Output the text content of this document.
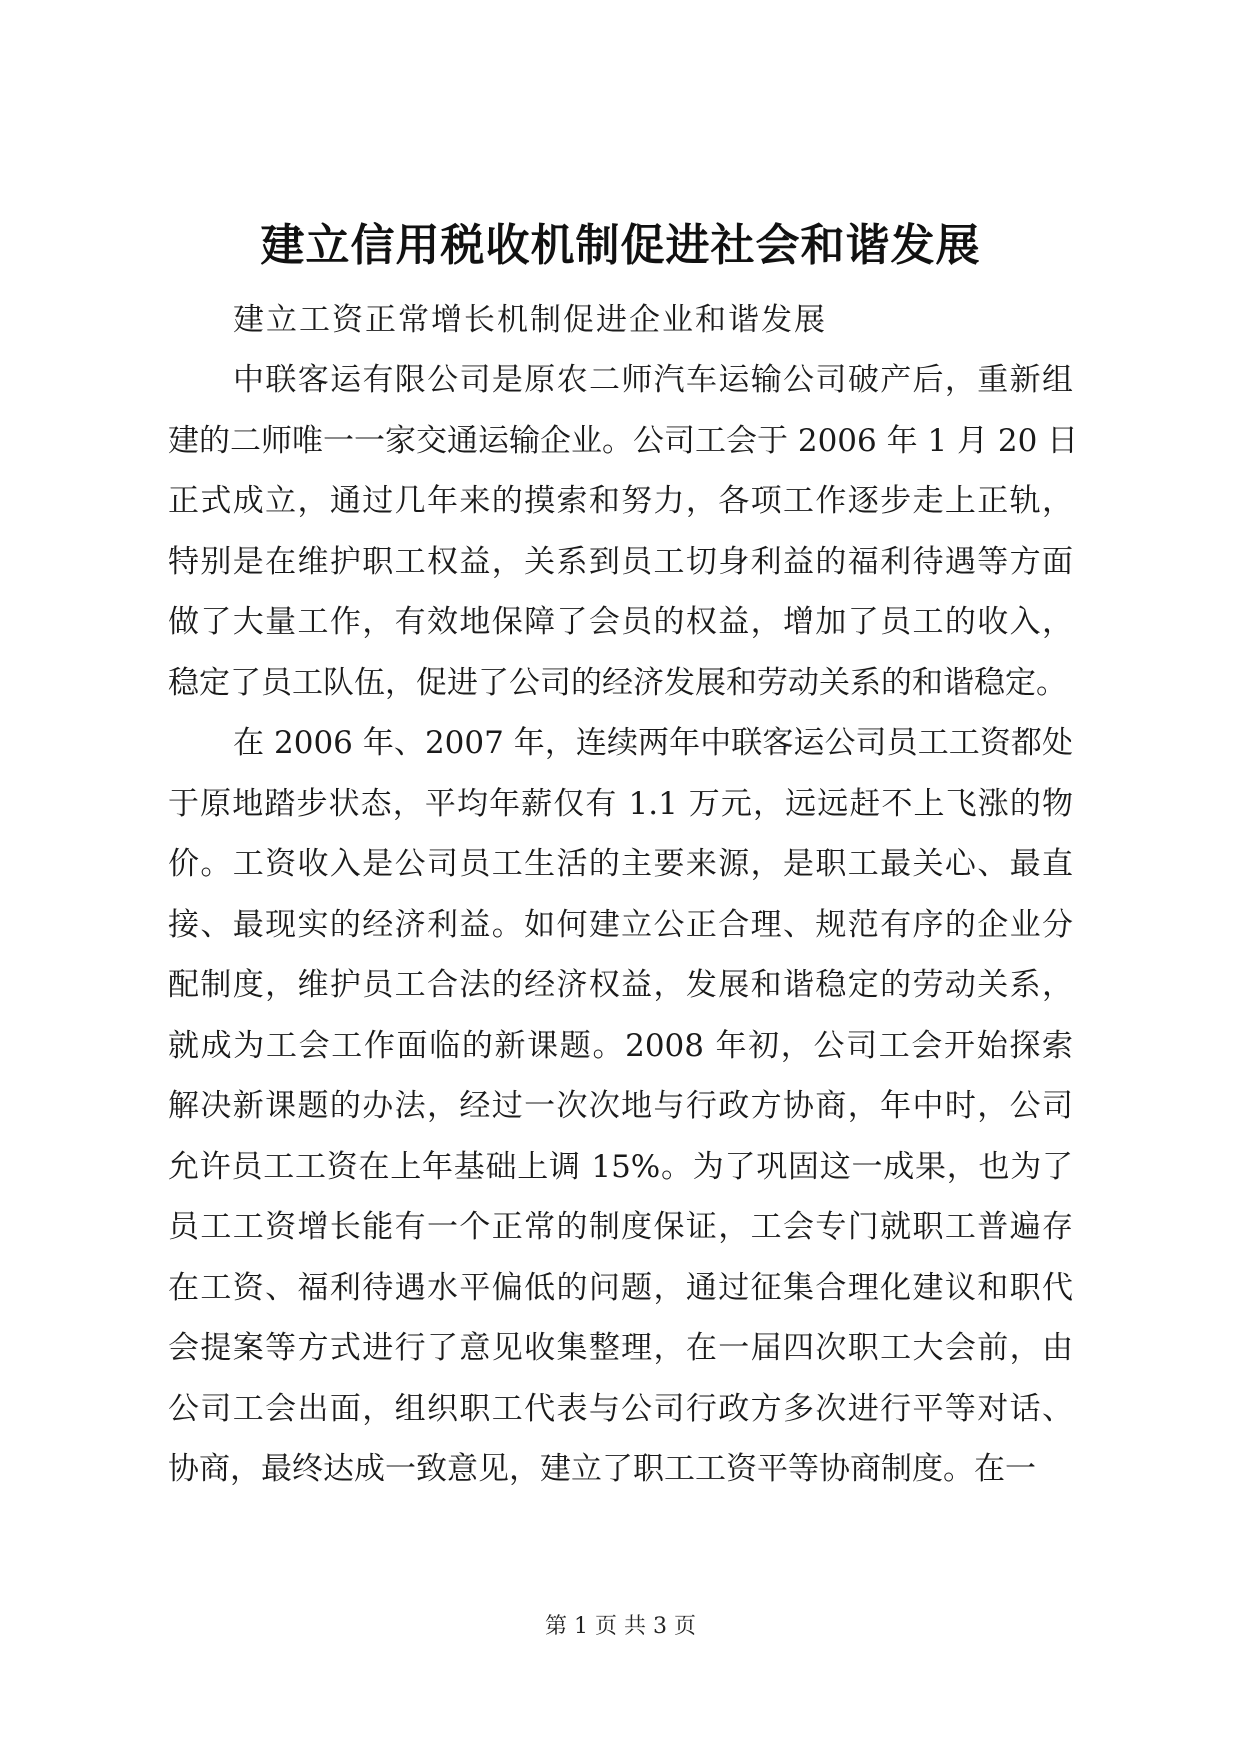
建立信用税收机制促进社会和谐发展
建立工资正常增长机制促进企业和谐发展
中联客运有限公司是原农二师汽车运输公司破产后，重新组
建的二师唯一一家交通运输企业。公司工会于 2006 年 1 月 20 日
正式成立，通过几年来的摸索和努力，各项工作逐步走上正轨，
特别是在维护职工权益，关系到员工切身利益的福利待遇等方面
做了大量工作，有效地保障了会员的权益，增加了员工的收入，
稳定了员工队伍，促进了公司的经济发展和劳动关系的和谐稳定。
在 2006 年、2007 年，连续两年中联客运公司员工工资都处
于原地踏步状态，平均年薪仅有 1.1 万元，远远赶不上飞涨的物
价。工资收入是公司员工生活的主要来源，是职工最关心、最直
接、最现实的经济利益。如何建立公正合理、规范有序的企业分
配制度，维护员工合法的经济权益，发展和谐稳定的劳动关系，
就成为工会工作面临的新课题。2008 年初，公司工会开始探索
解决新课题的办法，经过一次次地与行政方协商，年中时，公司
允许员工工资在上年基础上调 15%。为了巩固这一成果，也为了
员工工资增长能有一个正常的制度保证，工会专门就职工普遍存
在工资、福利待遇水平偏低的问题，通过征集合理化建议和职代
会提案等方式进行了意见收集整理，在一届四次职工大会前，由
公司工会出面，组织职工代表与公司行政方多次进行平等对话、
协商，最终达成一致意见，建立了职工工资平等协商制度。在一
第 1 页 共 3 页
